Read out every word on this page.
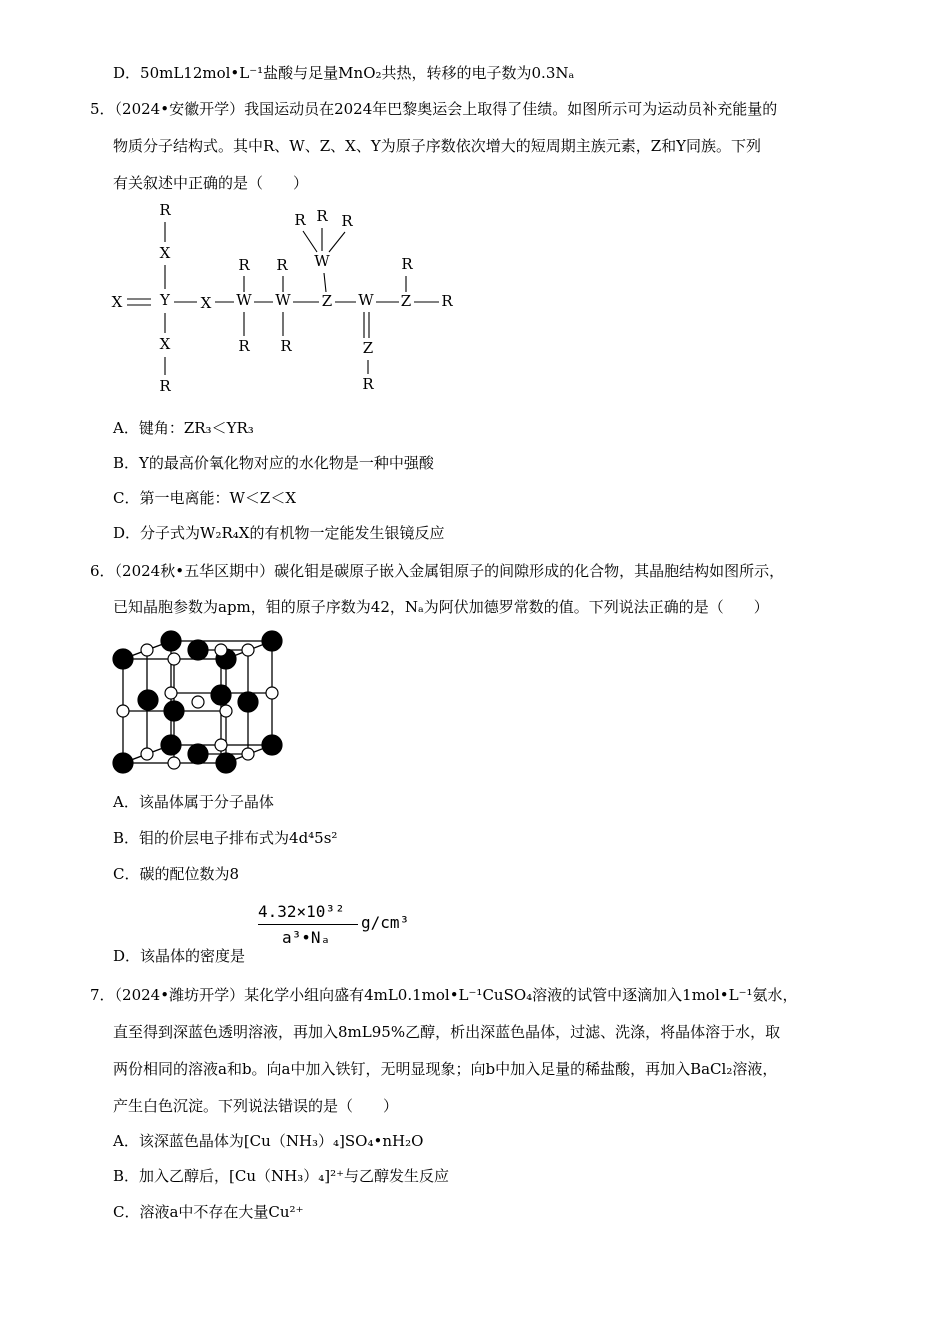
D．50mL12mol•L⁻¹盐酸与足量MnO₂共热，转移的电子数为0.3Nₐ
5．（2024•安徽开学）我国运动员在2024年巴黎奥运会上取得了佳绩。如图所示可为运动员补充能量的
物质分子结构式。其中R、W、Z、X、Y为原子序数依次增大的短周期主族元素，Z和Y同族。下列
有关叙述中正确的是（　　）
R
X
X	Y
X
R
X W
R
R
W
R
R
Z
W
R R R
W
Z
R
Z
R
R
A．键角：ZR₃＜YR₃
B．Y的最高价氧化物对应的水化物是一种中强酸
C．第一电离能：W＜Z＜X
D．分子式为W₂R₄X的有机物一定能发生银镜反应
6．（2024秋•五华区期中）碳化钼是碳原子嵌入金属钼原子的间隙形成的化合物，其晶胞结构如图所示，
已知晶胞参数为apm，钼的原子序数为42，Nₐ为阿伏加德罗常数的值。下列说法正确的是（　　）
A．该晶体属于分子晶体
B．钼的价层电子排布式为4d⁴5s²
C．碳的配位数为8
4.32×10³²
a³•Nₐ
g/cm³
D．该晶体的密度是
7．（2024•潍坊开学）某化学小组向盛有4mL0.1mol•L⁻¹CuSO₄溶液的试管中逐滴加入1mol•L⁻¹氨水，
直至得到深蓝色透明溶液，再加入8mL95%乙醇，析出深蓝色晶体，过滤、洗涤，将晶体溶于水，取
两份相同的溶液a和b。向a中加入铁钉，无明显现象；向b中加入足量的稀盐酸，再加入BaCl₂溶液，
产生白色沉淀。下列说法错误的是（　　）
A．该深蓝色晶体为[Cu（NH₃）₄]SO₄•nH₂O
B．加入乙醇后，[Cu（NH₃）₄]²⁺与乙醇发生反应
C．溶液a中不存在大量Cu²⁺
